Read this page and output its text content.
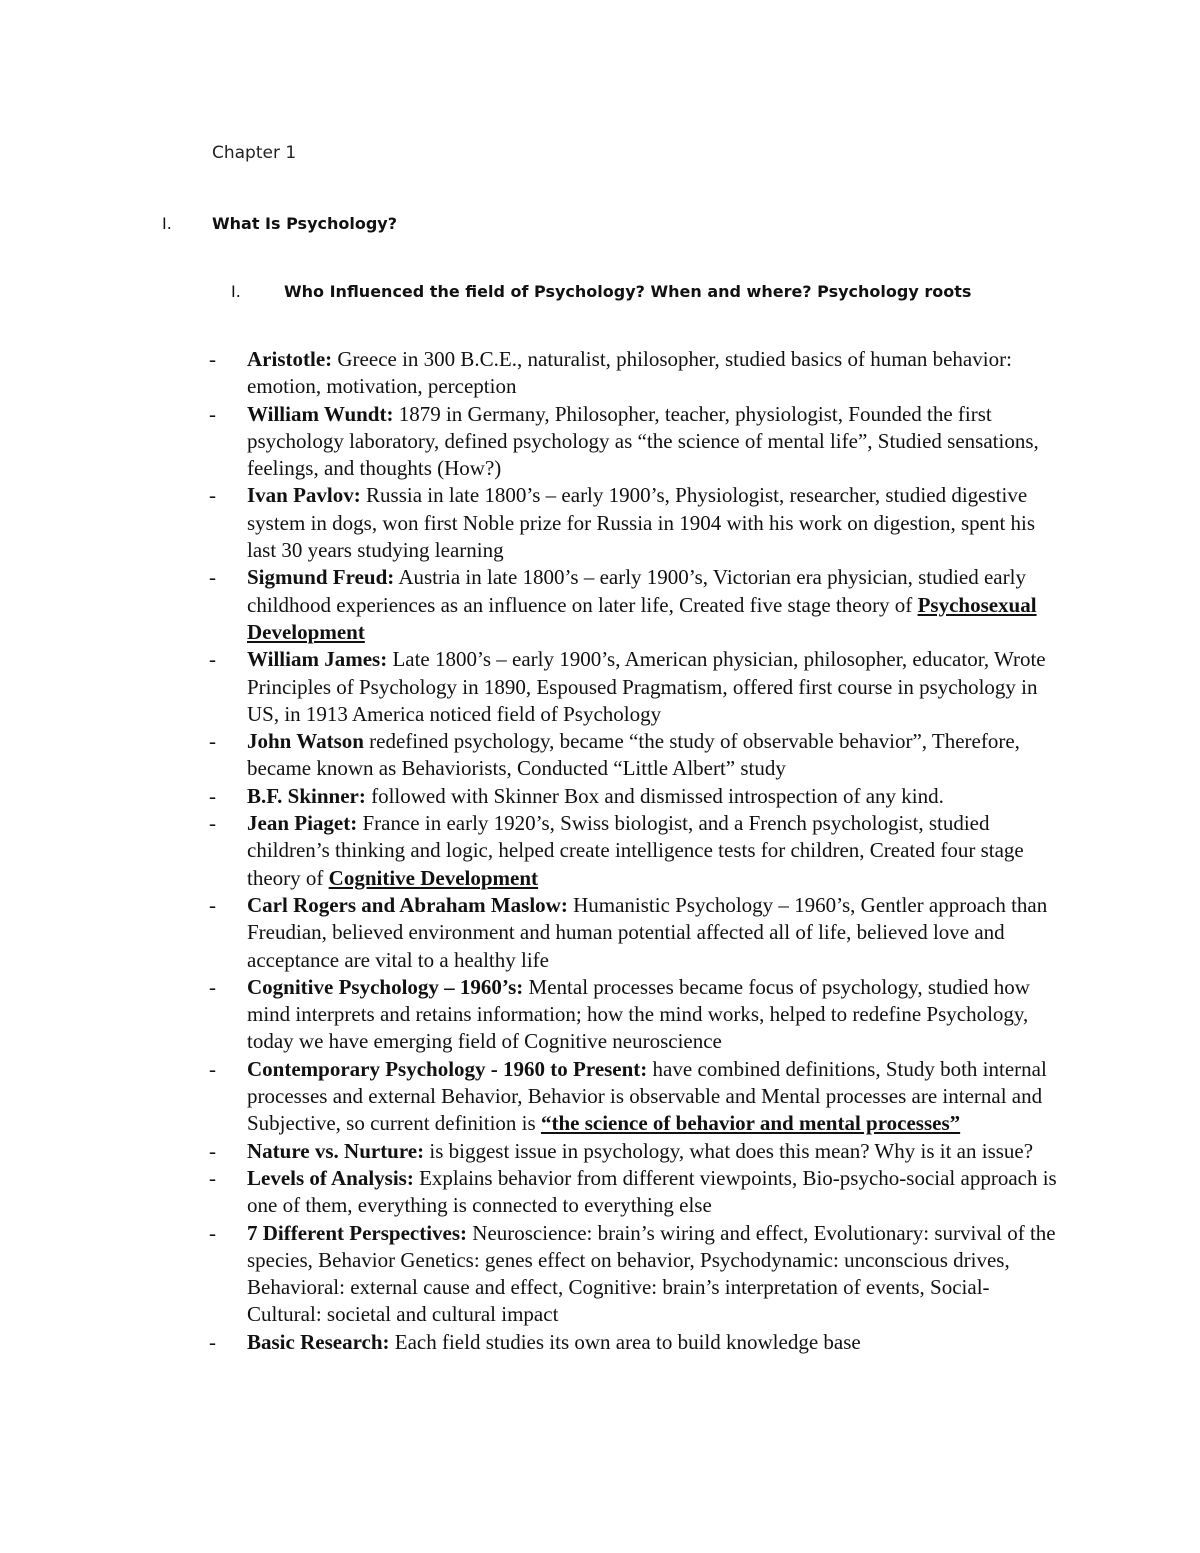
Chapter 1
I.	What Is Psychology?
I.	Who Influenced the field of Psychology? When and where? Psychology roots
- Aristotle: Greece in 300 B.C.E., naturalist, philosopher, studied basics of human behavior: emotion, motivation, perception
- William Wundt: 1879 in Germany, Philosopher, teacher, physiologist, Founded the first psychology laboratory, defined psychology as “the science of mental life”, Studied sensations, feelings, and thoughts (How?)
- Ivan Pavlov: Russia in late 1800’s – early 1900’s, Physiologist, researcher, studied digestive system in dogs, won first Noble prize for Russia in 1904 with his work on digestion, spent his last 30 years studying learning
- Sigmund Freud: Austria in late 1800’s – early 1900’s, Victorian era physician, studied early childhood experiences as an influence on later life, Created five stage theory of Psychosexual Development
- William James: Late 1800’s – early 1900’s, American physician, philosopher, educator, Wrote Principles of Psychology in 1890, Espoused Pragmatism, offered first course in psychology in US, in 1913 America noticed field of Psychology
- John Watson redefined psychology, became “the study of observable behavior”, Therefore, became known as Behaviorists, Conducted “Little Albert” study
- B.F. Skinner: followed with Skinner Box and dismissed introspection of any kind.
- Jean Piaget: France in early 1920’s, Swiss biologist, and a French psychologist, studied children’s thinking and logic, helped create intelligence tests for children, Created four stage theory of Cognitive Development
- Carl Rogers and Abraham Maslow: Humanistic Psychology – 1960’s, Gentler approach than Freudian, believed environment and human potential affected all of life, believed love and acceptance are vital to a healthy life
- Cognitive Psychology – 1960’s: Mental processes became focus of psychology, studied how mind interprets and retains information; how the mind works, helped to redefine Psychology, today we have emerging field of Cognitive neuroscience
- Contemporary Psychology - 1960 to Present: have combined definitions, Study both internal processes and external Behavior, Behavior is observable and Mental processes are internal and Subjective, so current definition is “the science of behavior and mental processes”
- Nature vs. Nurture: is biggest issue in psychology, what does this mean? Why is it an issue?
- Levels of Analysis: Explains behavior from different viewpoints, Bio-psycho-social approach is one of them, everything is connected to everything else
- 7 Different Perspectives: Neuroscience: brain’s wiring and effect, Evolutionary: survival of the species, Behavior Genetics: genes effect on behavior, Psychodynamic: unconscious drives, Behavioral: external cause and effect, Cognitive: brain’s interpretation of events, Social-Cultural: societal and cultural impact
- Basic Research: Each field studies its own area to build knowledge base
